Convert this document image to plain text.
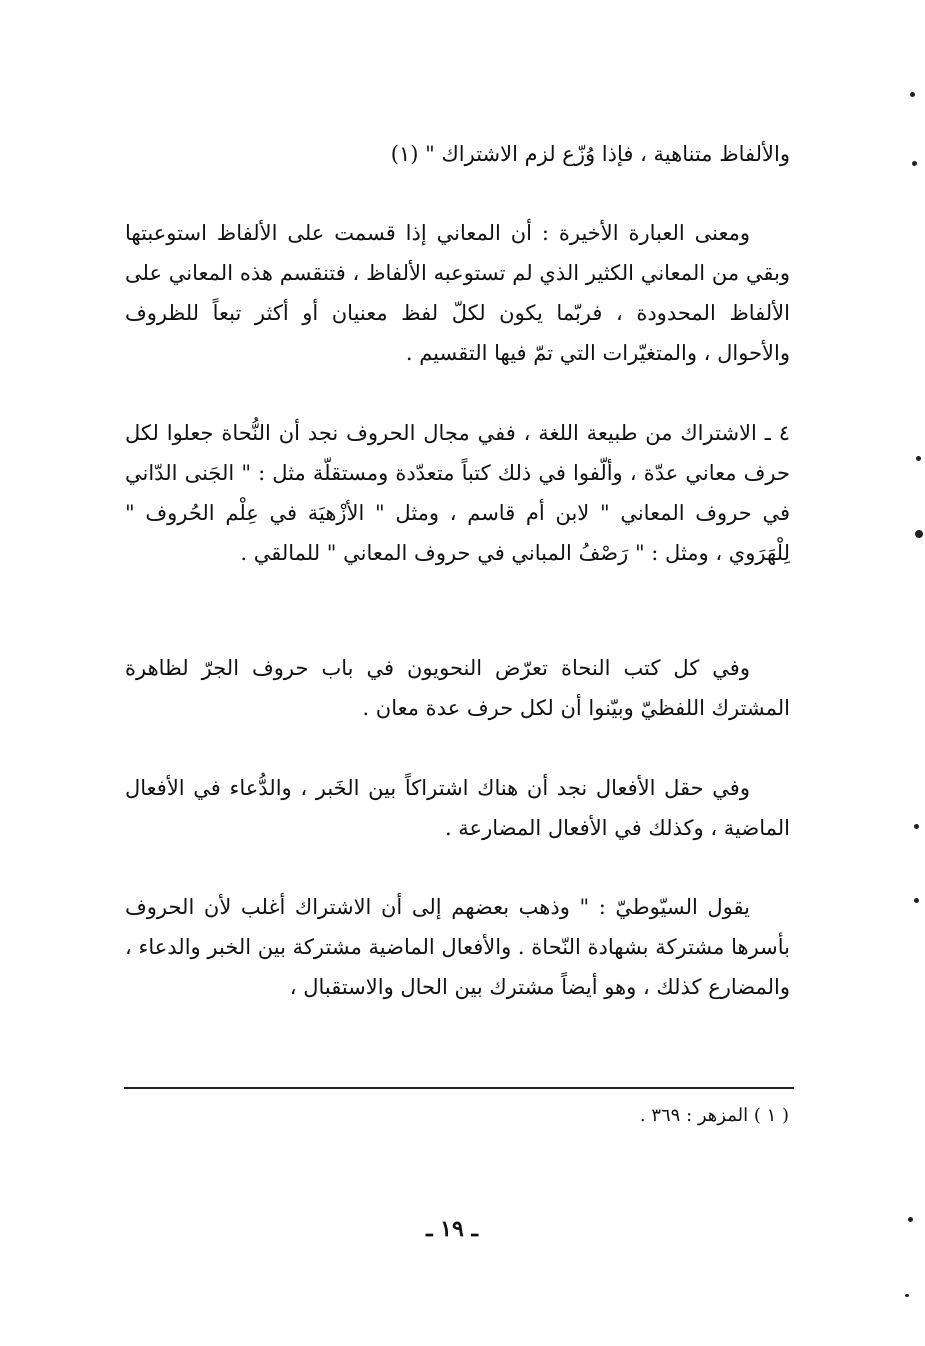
والألفاظ متناهية ، فإذا وُزّع لزم الاشتراك " (١)

ومعنى العبارة الأخيرة : أن المعاني إذا قسمت على الألفاظ استوعبتها وبقي من المعاني الكثير الذي لم تستوعبه الألفاظ ، فتنقسم هذه المعاني على الألفاظ المحدودة ، فربّما يكون لكلّ لفظ معنيان أو أكثر تبعاً للظروف والأحوال ، والمتغيّرات التي تمّ فيها التقسيم .

٤ ـ الاشتراك من طبيعة اللغة ، ففي مجال الحروف نجد أن النُّحاة جعلوا لكل حرف معاني عدّة ، وألّفوا في ذلك كتباً متعدّدة ومستقلّة مثل : " الجَنى الدّاني في حروف المعاني " لابن أم قاسم ، ومثل " الأزْهيَة في عِلْم الحُروف " لِلْهَرَوي ، ومثل : " رَصْفُ المباني في حروف المعاني " للمالقي .

وفي كل كتب النحاة تعرّض النحويون في باب حروف الجرّ لظاهرة المشترك اللفظيّ وبيّنوا أن لكل حرف عدة معان .

وفي حقل الأفعال نجد أن هناك اشتراكاً بين الخَبر ، والدُّعاء في الأفعال الماضية ، وكذلك في الأفعال المضارعة .

يقول السيّوطيّ : " وذهب بعضهم إلى أن الاشتراك أغلب لأن الحروف بأسرها مشتركة بشهادة النّحاة . والأفعال الماضية مشتركة بين الخبر والدعاء ، والمضارع كذلك ، وهو أيضاً مشترك بين الحال والاستقبال ،

( ١ ) المزهر : ٣٦٩ .

ـ ١٩ ـ
